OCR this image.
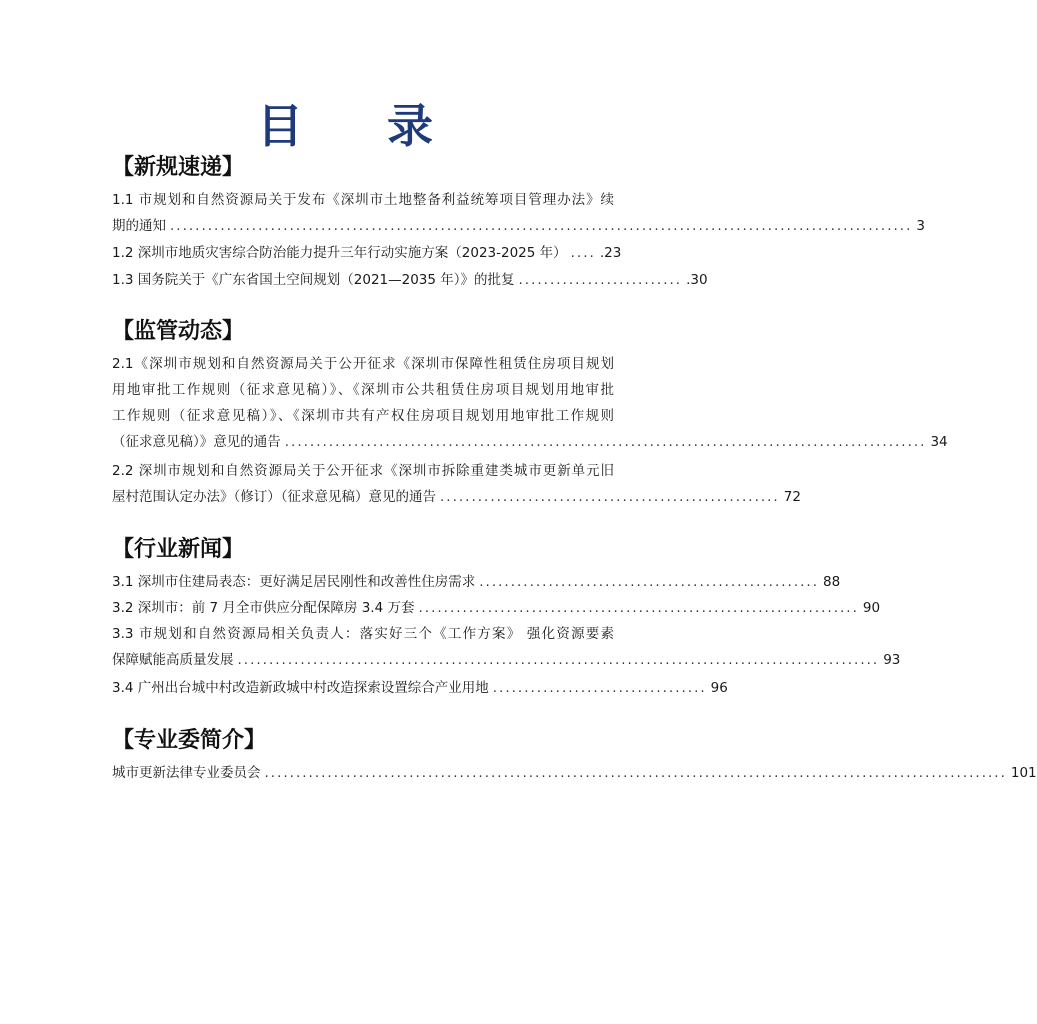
目 录
【新规速递】
1.1 市规划和自然资源局关于发布《深圳市土地整备利益统筹项目管理办法》续
期的通知 ...................................................................................................................... 3
1.2 深圳市地质灾害综合防治能力提升三年行动实施方案（2023-2025 年） .... .23
1.3 国务院关于《广东省国土空间规划（2021—2035 年）》的批复 .......................... .30
【监管动态】
2.1《深圳市规划和自然资源局关于公开征求《深圳市保障性租赁住房项目规划
用地审批工作规则（征求意见稿）》、《深圳市公共租赁住房项目规划用地审批
工作规则（征求意见稿）》、《深圳市共有产权住房项目规划用地审批工作规则
（征求意见稿）》意见的通告 ...................................................................................................... 34
2.2 深圳市规划和自然资源局关于公开征求《深圳市拆除重建类城市更新单元旧
屋村范围认定办法》（修订）（征求意见稿）意见的通告 ...................................................... 72
【行业新闻】
3.1 深圳市住建局表态：更好满足居民刚性和改善性住房需求 ...................................................... 88
3.2 深圳市：前 7 月全市供应分配保障房 3.4 万套 ...................................................................... 90
3.3 市规划和自然资源局相关负责人：落实好三个《工作方案》 强化资源要素
保障赋能高质量发展 ...................................................................................................... 93
3.4 广州出台城中村改造新政城中村改造探索设置综合产业用地 .................................. 96
【专业委简介】
城市更新法律专业委员会 ...................................................................................................................... 101
